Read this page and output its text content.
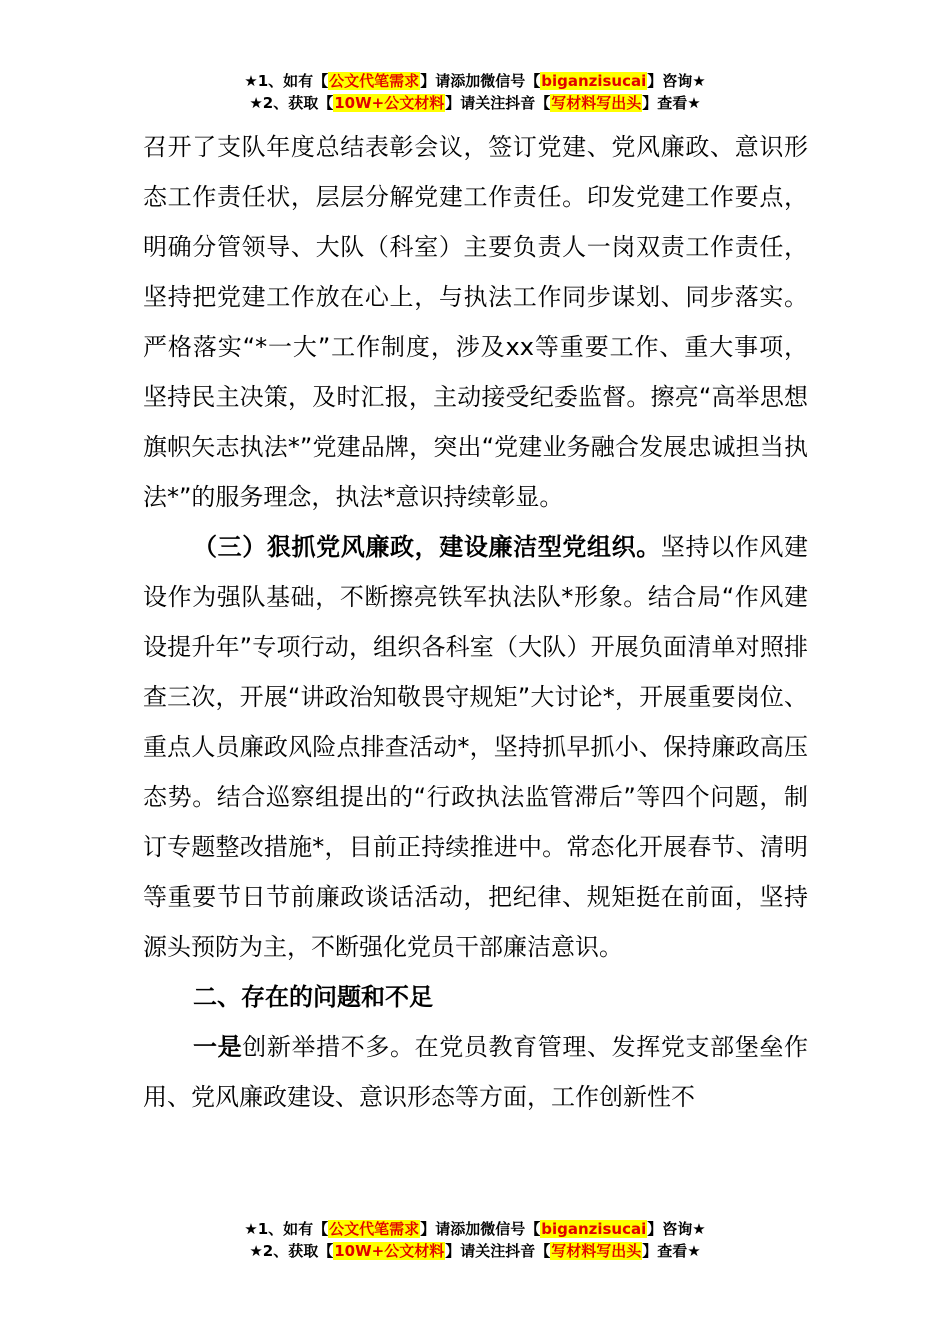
★1、如有【公文代笔需求】请添加微信号【biganzisucai】咨询★
★2、获取【10W+公文材料】请关注抖音【写材料写出头】查看★

召开了支队年度总结表彰会议，签订党建、党风廉政、意识形态工作责任状，层层分解党建工作责任。印发党建工作要点，明确分管领导、大队（科室）主要负责人一岗双责工作责任，坚持把党建工作放在心上，与执法工作同步谋划、同步落实。严格落实“*一大”工作制度，涉及xx等重要工作、重大事项，坚持民主决策，及时汇报，主动接受纪委监督。擦亮“高举思想旗帜矢志执法*”党建品牌，突出“党建业务融合发展忠诚担当执法*”的服务理念，执法*意识持续彰显。

（三）狠抓党风廉政，建设廉洁型党组织。坚持以作风建设作为强队基础，不断擦亮铁军执法队*形象。结合局“作风建设提升年”专项行动，组织各科室（大队）开展负面清单对照排查三次，开展“讲政治知敬畏守规矩”大讨论*，开展重要岗位、重点人员廉政风险点排查活动*，坚持抓早抓小、保持廉政高压态势。结合巡察组提出的“行政执法监管滞后”等四个问题，制订专题整改措施*，目前正持续推进中。常态化开展春节、清明等重要节日节前廉政谈话活动，把纪律、规矩挺在前面，坚持源头预防为主，不断强化党员干部廉洁意识。

二、存在的问题和不足

一是创新举措不多。在党员教育管理、发挥党支部堡垒作用、党风廉政建设、意识形态等方面，工作创新性不

★1、如有【公文代笔需求】请添加微信号【biganzisucai】咨询★
★2、获取【10W+公文材料】请关注抖音【写材料写出头】查看★
